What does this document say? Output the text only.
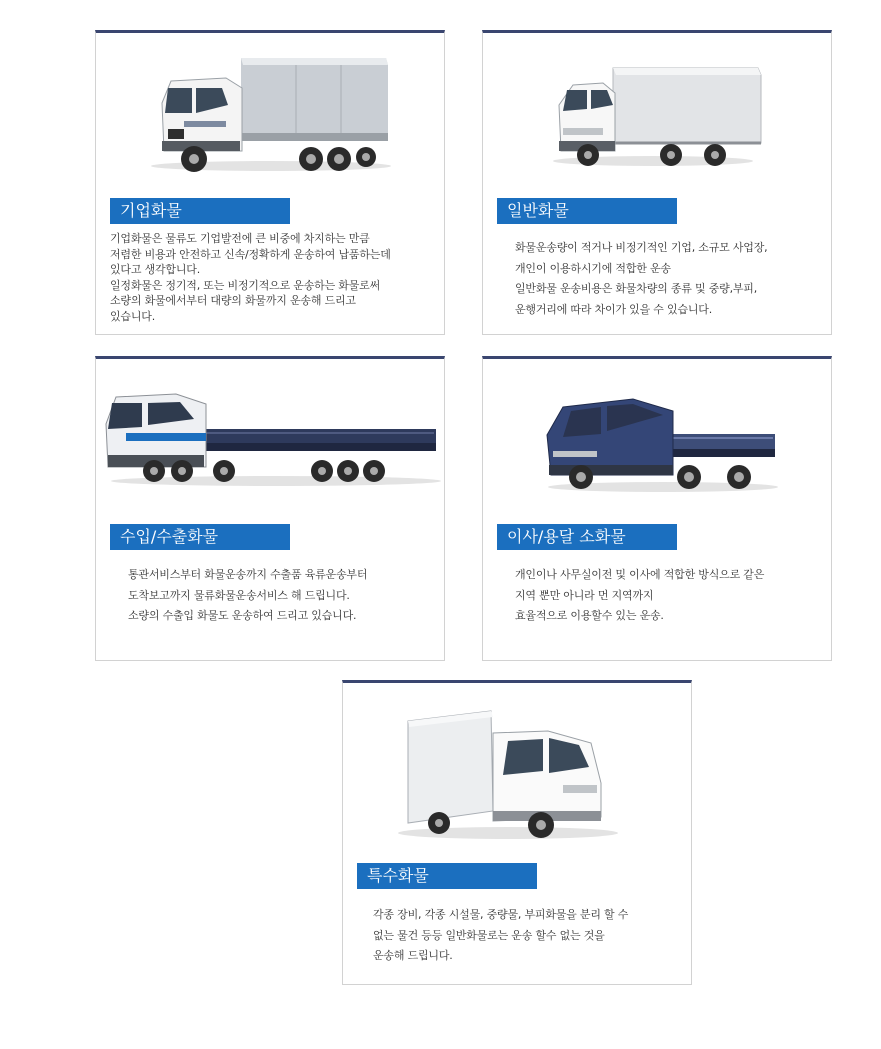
기업화물

기업화물은 물류도 기업발전에 큰 비중에 차지하는 만큼
저렴한 비용과 안전하고 신속/정확하게 운송하여 납품하는데
있다고 생각합니다.
일정화물은 정기적, 또는 비정기적으로 운송하는 화물로써
소량의 화물에서부터 대량의 화물까지 운송해 드리고
있습니다.

일반화물

화물운송량이 적거나 비정기적인 기업, 소규모 사업장,
개인이 이용하시기에 적합한 운송
일반화물 운송비용은 화물차량의 종류 및 중량,부피,
운행거리에 따라 차이가 있을 수 있습니다.

수입/수출화물

통관서비스부터 화물운송까지 수출품 육류운송부터
도착보고까지 물류화물운송서비스 해 드립니다.
소량의 수출입 화물도 운송하여 드리고 있습니다.

이사/용달 소화물

개인이나 사무실이전 및 이사에 적합한 방식으로 같은
지역 뿐만 아니라 먼 지역까지
효율적으로 이용할수 있는 운송.

특수화물

각종 장비, 각종 시설물, 중량물, 부피화물을 분리 할 수
없는 물건 등등 일반화물로는 운송 할수 없는 것을
운송해 드립니다.
